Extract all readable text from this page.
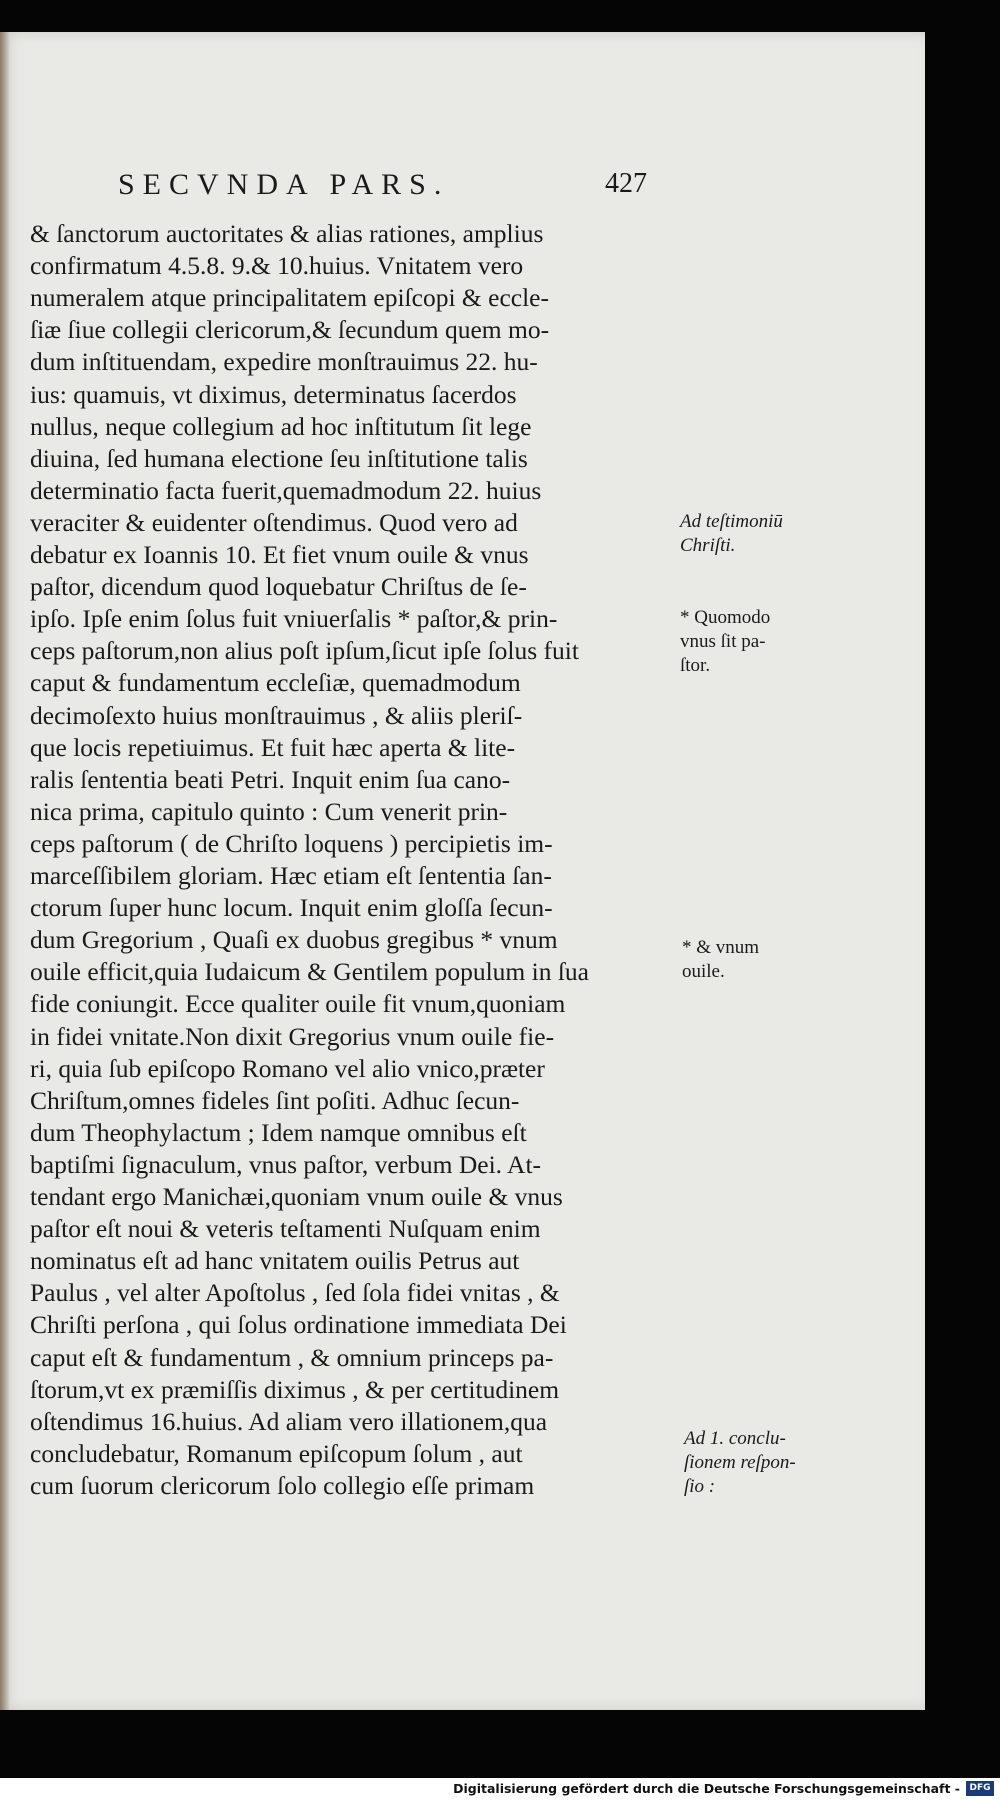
SECVNDA PARS.	427
& ſanctorum auctoritates & alias rationes, amplius
confirmatum 4.5.8. 9.& 10.huius. Vnitatem vero
numeralem atque principalitatem epiſcopi & eccle-
ſiæ ſiue collegii clericorum,& ſecundum quem mo-
dum inſtituendam, expedire monſtrauimus 22. hu-
ius: quamuis, vt diximus, determinatus ſacerdos
nullus, neque collegium ad hoc inſtitutum ſit lege
diuina, ſed humana electione ſeu inſtitutione talis
determinatio facta fuerit,quemadmodum 22. huius
veraciter & euidenter oſtendimus. Quod vero ad
debatur ex Ioannis 10. Et fiet vnum ouile & vnus
paſtor, dicendum quod loquebatur Chriſtus de ſe-
ipſo. Ipſe enim ſolus fuit vniuerſalis * paſtor,& prin-
ceps paſtorum,non alius poſt ipſum,ſicut ipſe ſolus fuit
caput & fundamentum eccleſiæ, quemadmodum
decimoſexto huius monſtrauimus , & aliis pleriſ-
que locis repetiuimus. Et fuit hæc aperta & lite-
ralis ſententia beati Petri. Inquit enim ſua cano-
nica prima, capitulo quinto : Cum venerit prin-
ceps paſtorum ( de Chriſto loquens ) percipietis im-
marceſſibilem gloriam. Hæc etiam eſt ſententia ſan-
ctorum ſuper hunc locum. Inquit enim gloſſa ſecun-
dum Gregorium , Quaſi ex duobus gregibus * vnum
ouile efficit,quia Iudaicum & Gentilem populum in ſua
fide coniungit. Ecce qualiter ouile fit vnum,quoniam
in fidei vnitate.Non dixit Gregorius vnum ouile fie-
ri, quia ſub epiſcopo Romano vel alio vnico,præter
Chriſtum,omnes fideles ſint poſiti. Adhuc ſecun-
dum Theophylactum ; Idem namque omnibus eſt
baptiſmi ſignaculum, vnus paſtor, verbum Dei. At-
tendant ergo Manichæi,quoniam vnum ouile & vnus
paſtor eſt noui & veteris teſtamenti Nuſquam enim
nominatus eſt ad hanc vnitatem ouilis Petrus aut
Paulus , vel alter Apoſtolus , ſed ſola fidei vnitas , &
Chriſti perſona , qui ſolus ordinatione immediata Dei
caput eſt & fundamentum , & omnium princeps pa-
ſtorum,vt ex præmiſſis diximus , & per certitudinem
oſtendimus 16.huius. Ad aliam vero illationem,qua
concludebatur, Romanum epiſcopum ſolum , aut
cum ſuorum clericorum ſolo collegio eſſe primam
Ad teſtimoniū
Chriſti.
* Quomodo
vnus ſit pa-
ſtor.
* & vnum
ouile.
Ad 1. conclu-
ſionem reſpon-
ſio :
Digitalisierung gefördert durch die Deutsche Forschungsgemeinschaft -	DFG
